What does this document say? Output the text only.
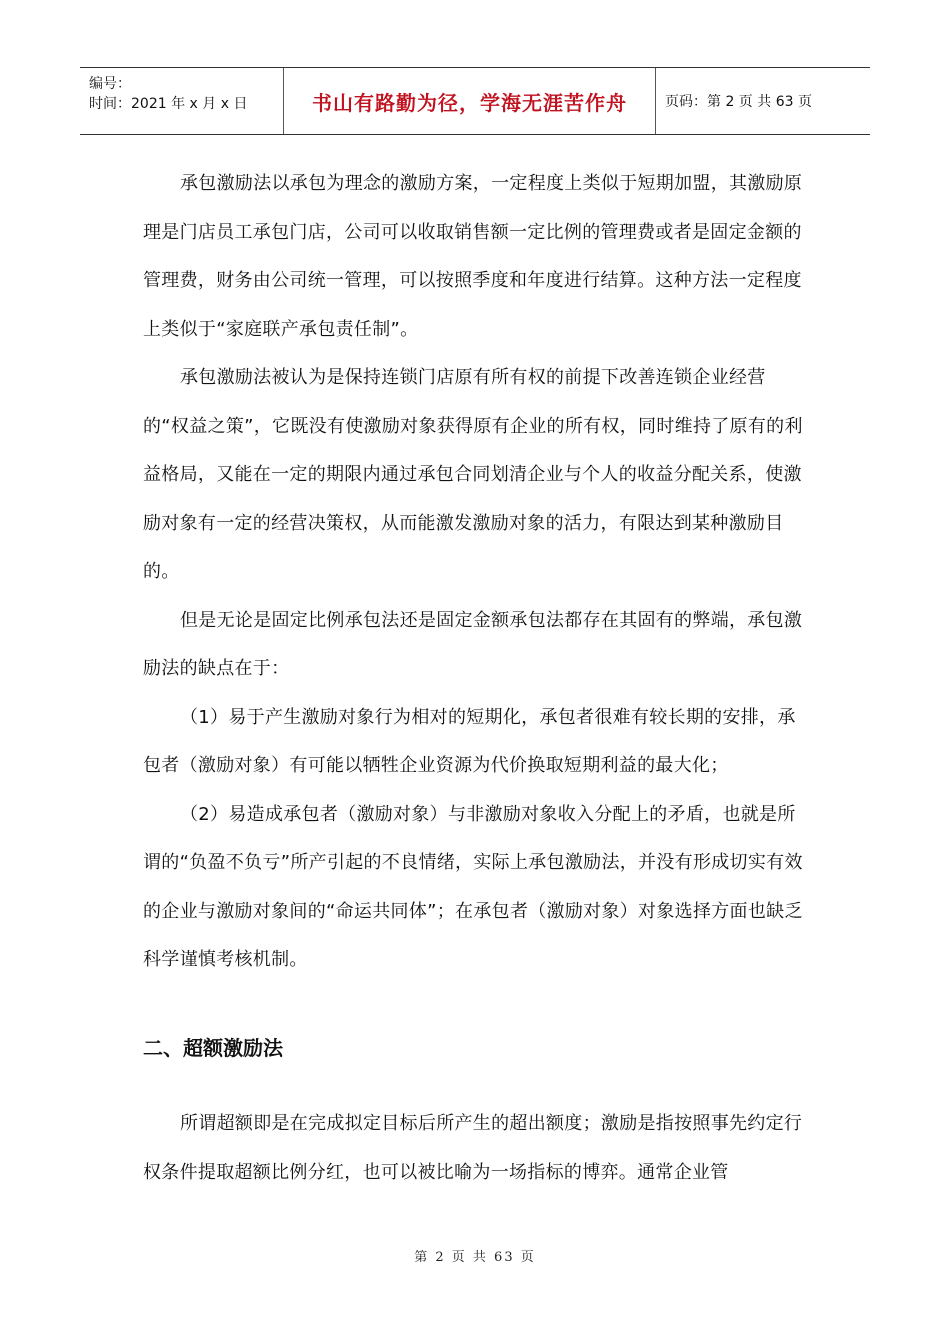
编号：
时间：2021 年 x 月 x 日	书山有路勤为径，学海无涯苦作舟	页码：第 2 页 共 63 页

承包激励法以承包为理念的激励方案，一定程度上类似于短期加盟，其激励原理是门店员工承包门店，公司可以收取销售额一定比例的管理费或者是固定金额的管理费，财务由公司统一管理，可以按照季度和年度进行结算。这种方法一定程度上类似于“家庭联产承包责任制”。

承包激励法被认为是保持连锁门店原有所有权的前提下改善连锁企业经营的“权益之策”，它既没有使激励对象获得原有企业的所有权，同时维持了原有的利益格局，又能在一定的期限内通过承包合同划清企业与个人的收益分配关系，使激励对象有一定的经营决策权，从而能激发激励对象的活力，有限达到某种激励目的。

但是无论是固定比例承包法还是固定金额承包法都存在其固有的弊端，承包激励法的缺点在于：

（1）易于产生激励对象行为相对的短期化，承包者很难有较长期的安排，承包者（激励对象）有可能以牺牲企业资源为代价换取短期利益的最大化；

（2）易造成承包者（激励对象）与非激励对象收入分配上的矛盾，也就是所谓的“负盈不负亏”所产引起的不良情绪，实际上承包激励法，并没有形成切实有效的企业与激励对象间的“命运共同体”；在承包者（激励对象）对象选择方面也缺乏科学谨慎考核机制。

二、超额激励法

所谓超额即是在完成拟定目标后所产生的超出额度；激励是指按照事先约定行权条件提取超额比例分红，也可以被比喻为一场指标的博弈。通常企业管

第 2 页 共 63 页
